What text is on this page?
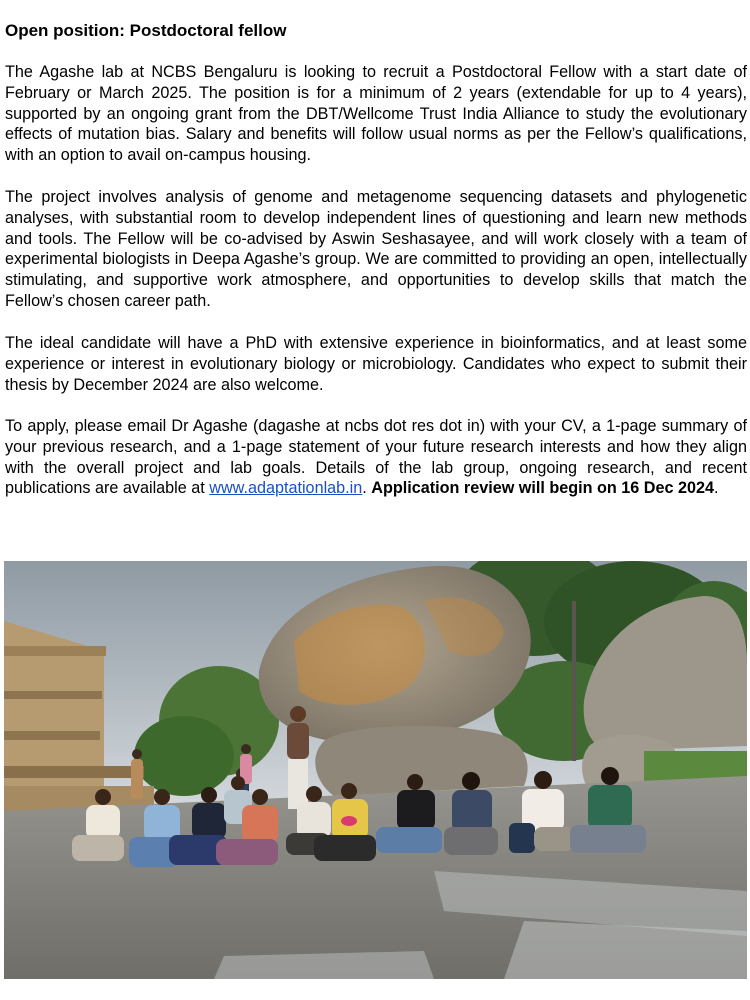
Open position: Postdoctoral fellow

The Agashe lab at NCBS Bengaluru is looking to recruit a Postdoctoral Fellow with a start date of February or March 2025. The position is for a minimum of 2 years (extendable for up to 4 years), supported by an ongoing grant from the DBT/Wellcome Trust India Alliance to study the evolutionary effects of mutation bias. Salary and benefits will follow usual norms as per the Fellow’s qualifications, with an option to avail on-campus housing.

The project involves analysis of genome and metagenome sequencing datasets and phylogenetic analyses, with substantial room to develop independent lines of questioning and learn new methods and tools. The Fellow will be co-advised by Aswin Seshasayee, and will work closely with a team of experimental biologists in Deepa Agashe’s group. We are committed to providing an open, intellectually stimulating, and supportive work atmosphere, and opportunities to develop skills that match the Fellow’s chosen career path.

The ideal candidate will have a PhD with extensive experience in bioinformatics, and at least some experience or interest in evolutionary biology or microbiology. Candidates who expect to submit their thesis by December 2024 are also welcome.

To apply, please email Dr Agashe (dagashe at ncbs dot res dot in) with your CV, a 1-page summary of your previous research, and a 1-page statement of your future research interests and how they align with the overall project and lab goals. Details of the lab group, ongoing research, and recent publications are available at www.adaptationlab.in. Application review will begin on 16 Dec 2024.
